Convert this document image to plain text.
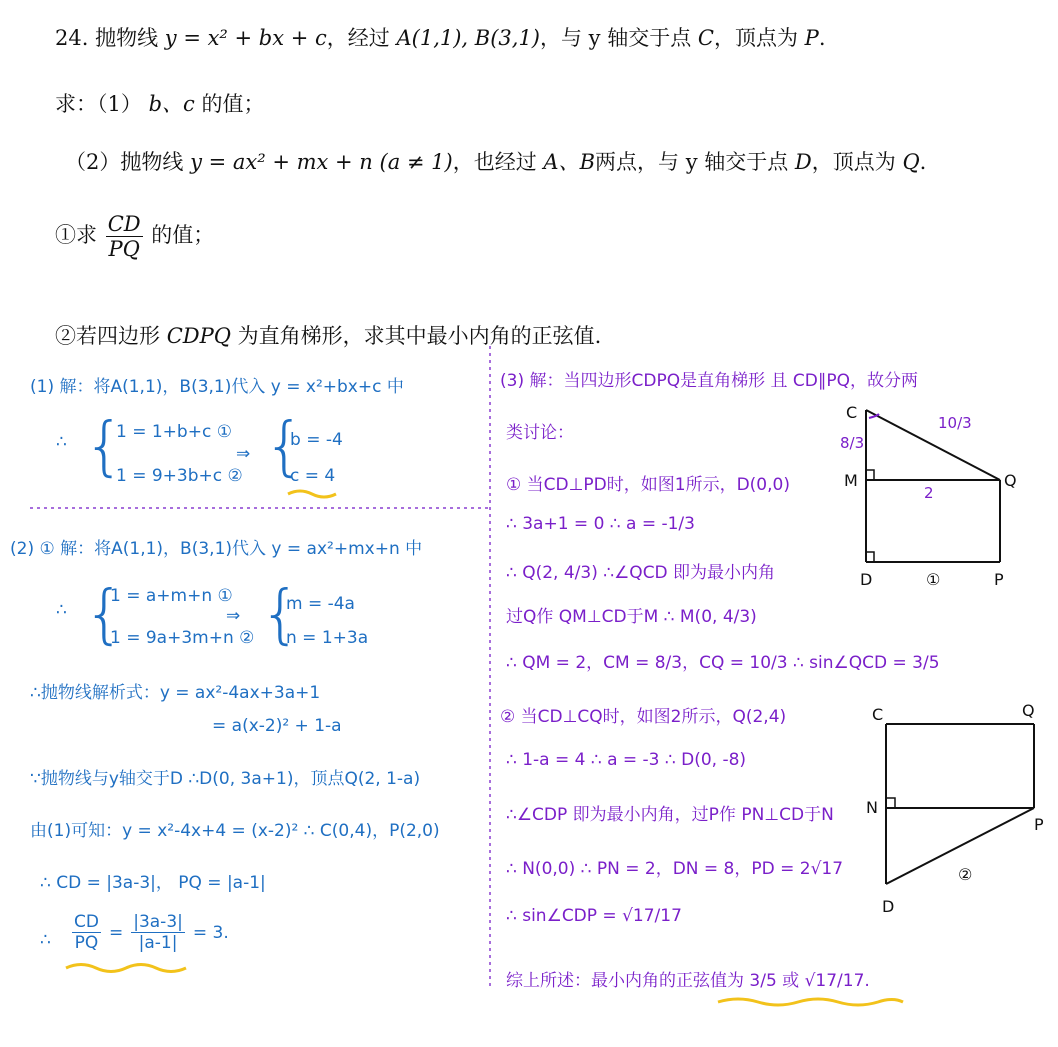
24. 抛物线 y = x² + bx + c，经过 A(1,1), B(3,1)，与 y 轴交于点 C，顶点为 P.
求：（1） b、c 的值；
（2）抛物线 y = ax² + mx + n (a ≠ 1)，也经过 A、B两点，与 y 轴交于点 D，顶点为 Q.
①求 $\frac{CD}{PQ}$ 的值；
②若四边形 CDPQ 为直角梯形，求其中最小内角的正弦值.
C
M
D
Q
P
8/3
10/3
2
①
C	Q
N
P
D
②
(1) 解：将A(1,1)，B(3,1)代入 y = x²+bx+c 中
∴ {
1 = 1+b+c ①
1 = 9+3b+c ②
⇒ {
b = -4
c = 4
(2) ① 解：将A(1,1)，B(3,1)代入 y = ax²+mx+n 中
∴ {
1 = a+m+n ①
1 = 9a+3m+n ②
⇒ {
m = -4a
n = 1+3a
∴抛物线解析式：y = ax²-4ax+3a+1
= a(x-2)² + 1-a
∵抛物线与y轴交于D ∴D(0, 3a+1)，顶点Q(2, 1-a)
由(1)可知：y = x²-4x+4 = (x-2)² ∴ C(0,4)，P(2,0)
∴ CD = |3a-3|， PQ = |a-1|
∴ $\frac{CD}{PQ} = \frac{|3a-3|}{|a-1|} = 3$.
(3) 解：当四边形CDPQ是直角梯形 且 CD∥PQ，故分两
类讨论：
① 当CD⊥PD时，如图1所示，D(0,0)
∴ 3a+1 = 0 ∴ a = -1/3
∴ Q(2, 4/3) ∴∠QCD 即为最小内角
过Q作 QM⊥CD于M ∴ M(0, 4/3)
∴ QM = 2，CM = 8/3，CQ = 10/3 ∴ sin∠QCD = 3/5
② 当CD⊥CQ时，如图2所示，Q(2,4)
∴ 1-a = 4 ∴ a = -3 ∴ D(0, -8)
∴∠CDP 即为最小内角，过P作 PN⊥CD于N
∴ N(0,0) ∴ PN = 2，DN = 8，PD = 2√17
∴ sin∠CDP = √17/17
综上所述：最小内角的正弦值为 3/5 或 √17/17.
